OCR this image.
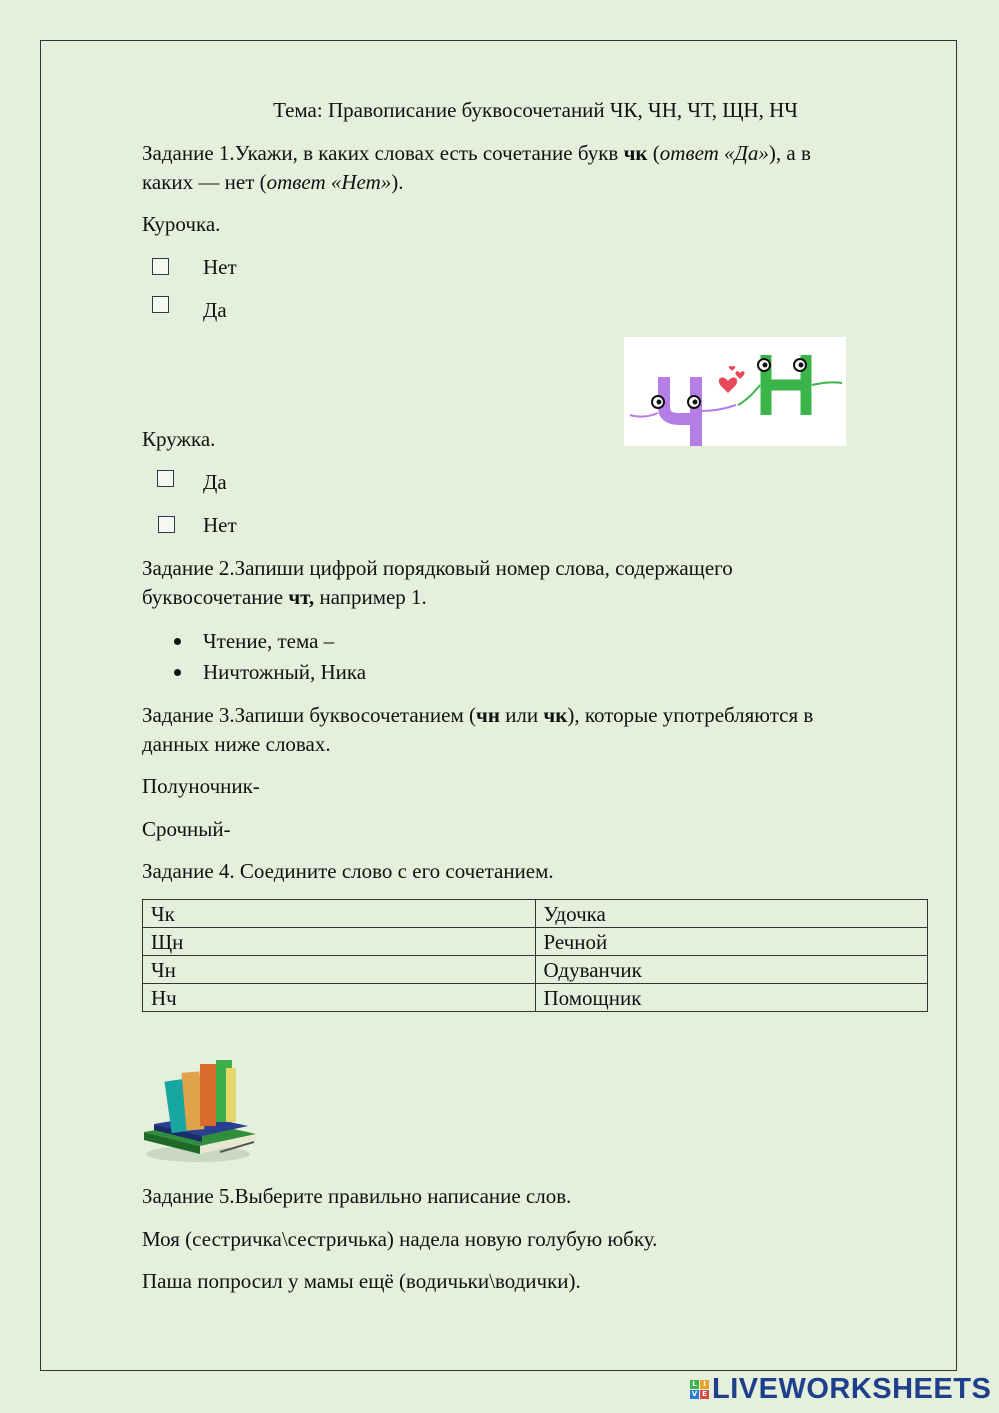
Тема: Правописание буквосочетаний ЧК, ЧН, ЧТ, ЩН, НЧ
Задание 1.Укажи, в каких словах есть сочетание букв чк (ответ «Да»), а в
каких — нет (ответ «Нет»).
Курочка.
Нет
Да
ч
Кружка.
Да
Нет
Задание 2.Запиши цифрой порядковый номер слова, содержащего
буквосочетание чт, например 1.
Чтение, тема –
Ничтожный, Ника
Задание 3.Запиши буквосочетанием (чн или чк), которые употребляются в
данных ниже словах.
Полуночник-
Срочный-
Задание 4. Соедините слово с его сочетанием.
Чк	Удочка
Щн	Речной
Чн	Одуванчик
Нч	Помощник
Задание 5.Выберите правильно написание слов.
Моя (сестричка\сестричька) надела новую голубую юбку.
Паша попросил у мамы ещё (водичьки\водички).
L I
V E LIVEWORKSHEETS
